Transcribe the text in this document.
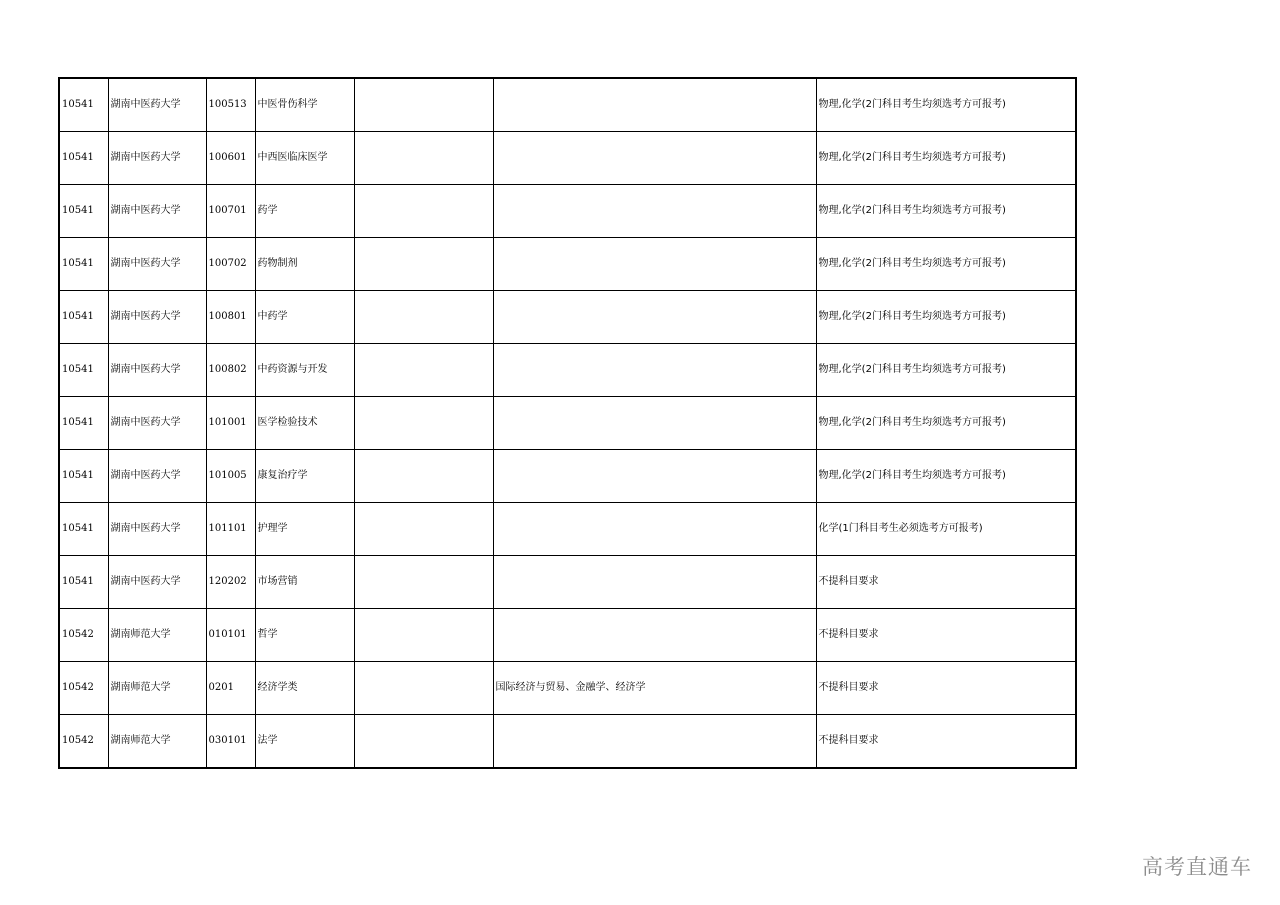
10541	湖南中医药大学	100513	中医骨伤科学			物理,化学(2门科目考生均须选考方可报考)
10541	湖南中医药大学	100601	中西医临床医学			物理,化学(2门科目考生均须选考方可报考)
10541	湖南中医药大学	100701	药学			物理,化学(2门科目考生均须选考方可报考)
10541	湖南中医药大学	100702	药物制剂			物理,化学(2门科目考生均须选考方可报考)
10541	湖南中医药大学	100801	中药学			物理,化学(2门科目考生均须选考方可报考)
10541	湖南中医药大学	100802	中药资源与开发			物理,化学(2门科目考生均须选考方可报考)
10541	湖南中医药大学	101001	医学检验技术			物理,化学(2门科目考生均须选考方可报考)
10541	湖南中医药大学	101005	康复治疗学			物理,化学(2门科目考生均须选考方可报考)
10541	湖南中医药大学	101101	护理学			化学(1门科目考生必须选考方可报考)
10541	湖南中医药大学	120202	市场营销			不提科目要求
10542	湖南师范大学	010101	哲学			不提科目要求
10542	湖南师范大学	0201	经济学类		国际经济与贸易、金融学、经济学	不提科目要求
10542	湖南师范大学	030101	法学			不提科目要求
高考直通车
